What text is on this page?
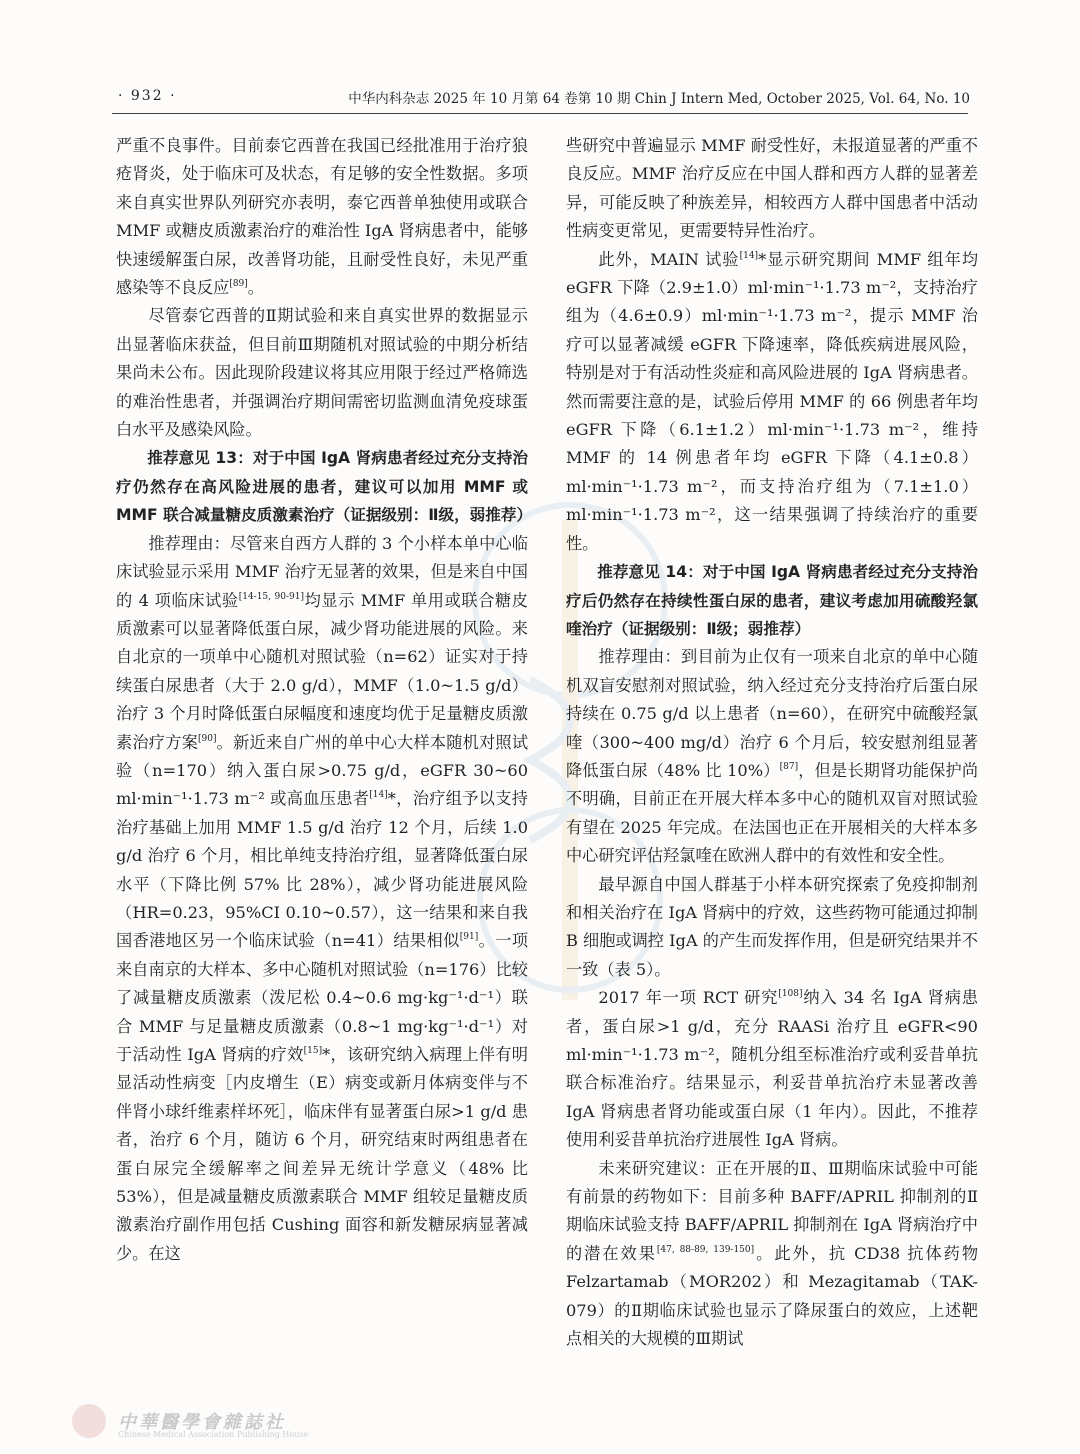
· 932 ·	中华内科杂志 2025 年 10 月第 64 卷第 10 期 Chin J Intern Med, October 2025, Vol. 64, No. 10

严重不良事件。目前泰它西普在我国已经批准用于治疗狼疮肾炎，处于临床可及状态，有足够的安全性数据。多项来自真实世界队列研究亦表明，泰它西普单独使用或联合 MMF 或糖皮质激素治疗的难治性 IgA 肾病患者中，能够快速缓解蛋白尿，改善肾功能，且耐受性良好，未见严重感染等不良反应[89]。

尽管泰它西普的Ⅱ期试验和来自真实世界的数据显示出显著临床获益，但目前Ⅲ期随机对照试验的中期分析结果尚未公布。因此现阶段建议将其应用限于经过严格筛选的难治性患者，并强调治疗期间需密切监测血清免疫球蛋白水平及感染风险。

推荐意见 13：对于中国 IgA 肾病患者经过充分支持治疗仍然存在高风险进展的患者，建议可以加用 MMF 或 MMF 联合减量糖皮质激素治疗（证据级别：Ⅱ级，弱推荐）

推荐理由：尽管来自西方人群的 3 个小样本单中心临床试验显示采用 MMF 治疗无显著的效果，但是来自中国的 4 项临床试验[14-15, 90-91]均显示 MMF 单用或联合糖皮质激素可以显著降低蛋白尿，减少肾功能进展的风险。来自北京的一项单中心随机对照试验（n=62）证实对于持续蛋白尿患者（大于 2.0 g/d），MMF（1.0~1.5 g/d）治疗 3 个月时降低蛋白尿幅度和速度均优于足量糖皮质激素治疗方案[90]。新近来自广州的单中心大样本随机对照试验（n=170）纳入蛋白尿>0.75 g/d，eGFR 30~60 ml·min⁻¹·1.73 m⁻² 或高血压患者[14]*，治疗组予以支持治疗基础上加用 MMF 1.5 g/d 治疗 12 个月，后续 1.0 g/d 治疗 6 个月，相比单纯支持治疗组，显著降低蛋白尿水平（下降比例 57% 比 28%），减少肾功能进展风险（HR=0.23，95%CI 0.10~0.57），这一结果和来自我国香港地区另一个临床试验（n=41）结果相似[91]。一项来自南京的大样本、多中心随机对照试验（n=176）比较了减量糖皮质激素（泼尼松 0.4~0.6 mg·kg⁻¹·d⁻¹）联合 MMF 与足量糖皮质激素（0.8~1 mg·kg⁻¹·d⁻¹）对于活动性 IgA 肾病的疗效[15]*，该研究纳入病理上伴有明显活动性病变［内皮增生（E）病变或新月体病变伴与不伴肾小球纤维素样坏死］，临床伴有显著蛋白尿>1 g/d 患者，治疗 6 个月，随访 6 个月，研究结束时两组患者在蛋白尿完全缓解率之间差异无统计学意义（48% 比 53%），但是减量糖皮质激素联合 MMF 组较足量糖皮质激素治疗副作用包括 Cushing 面容和新发糖尿病显著减少。在这

些研究中普遍显示 MMF 耐受性好，未报道显著的严重不良反应。MMF 治疗反应在中国人群和西方人群的显著差异，可能反映了种族差异，相较西方人群中国患者中活动性病变更常见，更需要特异性治疗。

此外，MAIN 试验[14]*显示研究期间 MMF 组年均 eGFR 下降（2.9±1.0）ml·min⁻¹·1.73 m⁻²，支持治疗组为（4.6±0.9）ml·min⁻¹·1.73 m⁻²，提示 MMF 治疗可以显著减缓 eGFR 下降速率，降低疾病进展风险，特别是对于有活动性炎症和高风险进展的 IgA 肾病患者。然而需要注意的是，试验后停用 MMF 的 66 例患者年均 eGFR 下降（6.1±1.2）ml·min⁻¹·1.73 m⁻²，维持 MMF 的 14 例患者年均 eGFR 下降（4.1±0.8）ml·min⁻¹·1.73 m⁻²，而支持治疗组为（7.1±1.0）ml·min⁻¹·1.73 m⁻²，这一结果强调了持续治疗的重要性。

推荐意见 14：对于中国 IgA 肾病患者经过充分支持治疗后仍然存在持续性蛋白尿的患者，建议考虑加用硫酸羟氯喹治疗（证据级别：Ⅱ级；弱推荐）

推荐理由：到目前为止仅有一项来自北京的单中心随机双盲安慰剂对照试验，纳入经过充分支持治疗后蛋白尿持续在 0.75 g/d 以上患者（n=60），在研究中硫酸羟氯喹（300~400 mg/d）治疗 6 个月后，较安慰剂组显著降低蛋白尿（48% 比 10%）[87]，但是长期肾功能保护尚不明确，目前正在开展大样本多中心的随机双盲对照试验有望在 2025 年完成。在法国也正在开展相关的大样本多中心研究评估羟氯喹在欧洲人群中的有效性和安全性。

最早源自中国人群基于小样本研究探索了免疫抑制剂和相关治疗在 IgA 肾病中的疗效，这些药物可能通过抑制 B 细胞或调控 IgA 的产生而发挥作用，但是研究结果并不一致（表 5）。

2017 年一项 RCT 研究[108]纳入 34 名 IgA 肾病患者，蛋白尿>1 g/d，充分 RAASi 治疗且 eGFR<90 ml·min⁻¹·1.73 m⁻²，随机分组至标准治疗或利妥昔单抗联合标准治疗。结果显示，利妥昔单抗治疗未显著改善 IgA 肾病患者肾功能或蛋白尿（1 年内）。因此，不推荐使用利妥昔单抗治疗进展性 IgA 肾病。

未来研究建议：正在开展的Ⅱ、Ⅲ期临床试验中可能有前景的药物如下：目前多种 BAFF/APRIL 抑制剂的Ⅱ期临床试验支持 BAFF/APRIL 抑制剂在 IgA 肾病治疗中的潜在效果[47, 88-89, 139-150]。此外，抗 CD38 抗体药物 Felzartamab（MOR202）和 Mezagitamab（TAK-079）的Ⅱ期临床试验也显示了降尿蛋白的效应，上述靶点相关的大规模的Ⅲ期试

中華醫學會雜誌社
Chinese Medical Association Publishing House
